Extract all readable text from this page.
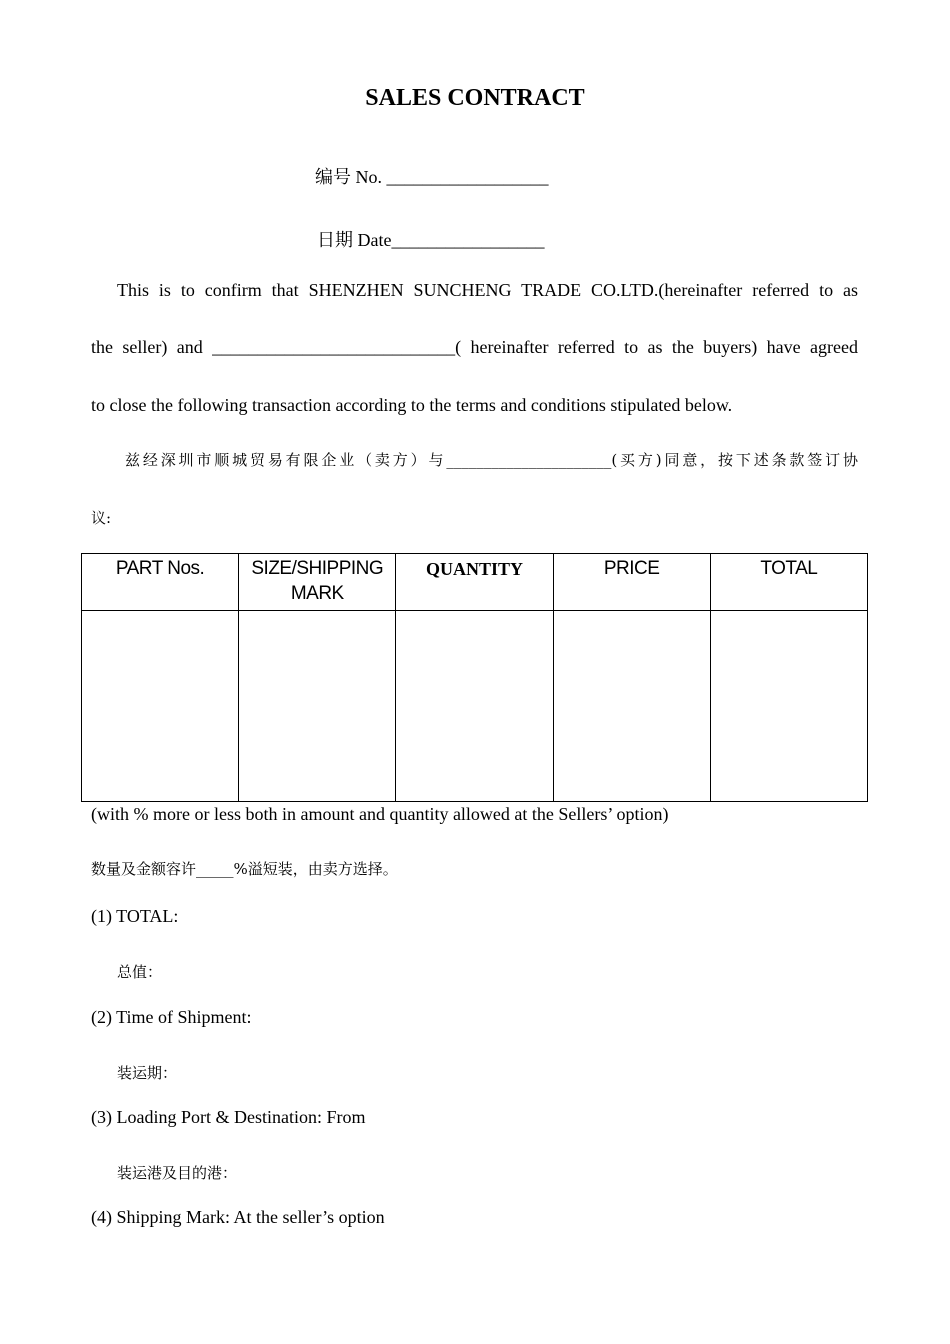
SALES CONTRACT
编号 No. __________________
日期 Date_________________
This is to confirm that SHENZHEN SUNCHENG TRADE CO.LTD.(hereinafter referred to as
the seller) and ___________________________( hereinafter referred to as the buyers) have agreed
to close the following transaction according to the terms and conditions stipulated below.
兹经深圳市顺城贸易有限企业（卖方）与______________________(买方)同意，按下述条款签订协
议:
PART Nos.	SIZE/SHIPPING MARK	QUANTITY	PRICE	TOTAL

(with % more or less both in amount and quantity allowed at the Sellers’ option)
数量及金额容许_____%溢短装，由卖方选择。
(1) TOTAL:
总值：
(2) Time of Shipment:
装运期：
(3) Loading Port & Destination: From
装运港及目的港：
(4) Shipping Mark: At the seller’s option
